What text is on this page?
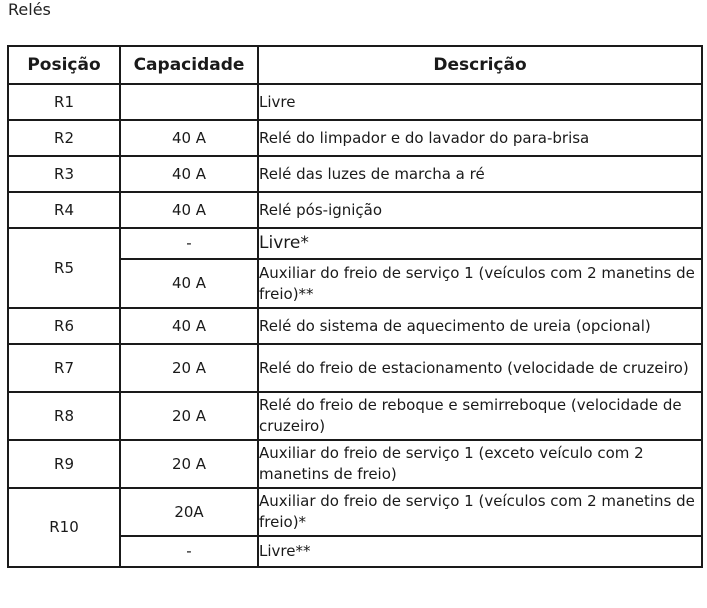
Relés
Posição	Capacidade	Descrição
R1		Livre
R2	40 A	Relé do limpador e do lavador do para-brisa
R3	40 A	Relé das luzes de marcha a ré
R4	40 A	Relé pós-ignição
R5	-	Livre*
	40 A	Auxiliar do freio de serviço 1 (veículos com 2 manetins de freio)**
R6	40 A	Relé do sistema de aquecimento de ureia (opcional)
R7	20 A	Relé do freio de estacionamento (velocidade de cruzeiro)
R8	20 A	Relé do freio de reboque e semirreboque (velocidade de cruzeiro)
R9	20 A	Auxiliar do freio de serviço 1 (exceto veículo com 2 manetins de freio)
R10	20A	Auxiliar do freio de serviço 1 (veículos com 2 manetins de freio)*
	-	Livre**
